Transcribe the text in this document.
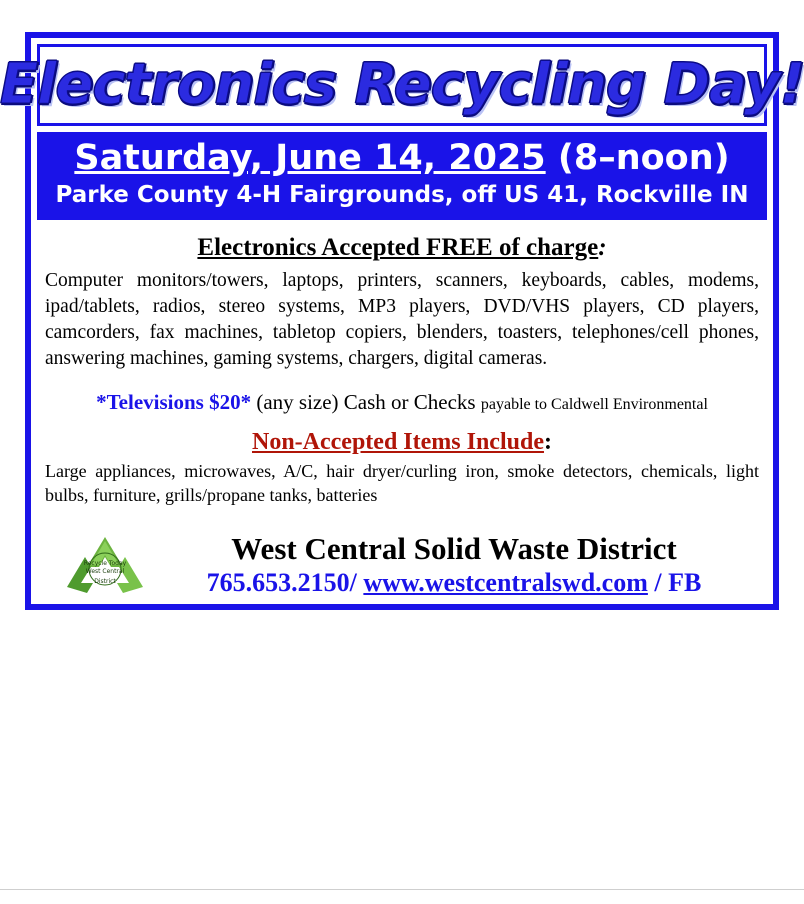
Electronics Recycling Day!
Saturday, June 14, 2025 (8–noon)
Parke County 4-H Fairgrounds, off US 41, Rockville IN
Electronics Accepted FREE of charge:
Computer monitors/towers, laptops, printers, scanners, keyboards, cables, modems, ipad/tablets, radios, stereo systems, MP3 players, DVD/VHS players, CD players, camcorders, fax machines, tabletop copiers, blenders, toasters, telephones/cell phones, answering machines, gaming systems, chargers, digital cameras.
*Televisions $20* (any size) Cash or Checks payable to Caldwell Environmental
Non-Accepted Items Include:
Large appliances, microwaves, A/C, hair dryer/curling iron, smoke detectors, chemicals, light bulbs, furniture, grills/propane tanks, batteries
Recycle Today
West Central
District
West Central Solid Waste District
765.653.2150/ www.westcentralswd.com / FB
